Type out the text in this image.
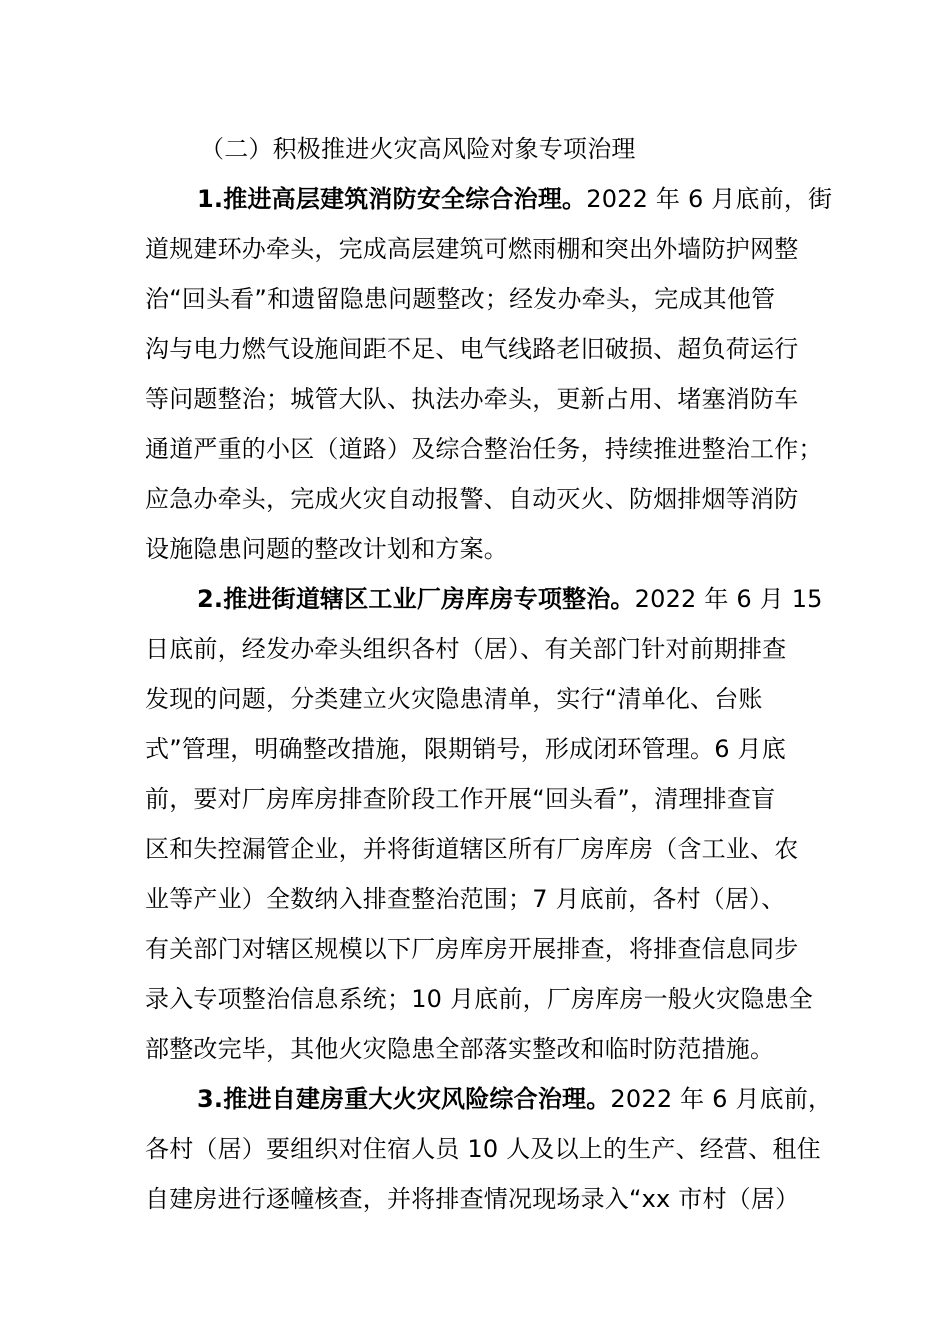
（二）积极推进火灾高风险对象专项治理
1.推进高层建筑消防安全综合治理。2022 年 6 月底前，街
道规建环办牵头，完成高层建筑可燃雨棚和突出外墙防护网整
治“回头看”和遗留隐患问题整改；经发办牵头，完成其他管
沟与电力燃气设施间距不足、电气线路老旧破损、超负荷运行
等问题整治；城管大队、执法办牵头，更新占用、堵塞消防车
通道严重的小区（道路）及综合整治任务，持续推进整治工作；
应急办牵头，完成火灾自动报警、自动灭火、防烟排烟等消防
设施隐患问题的整改计划和方案。
2.推进街道辖区工业厂房库房专项整治。2022 年 6 月 15
日底前，经发办牵头组织各村（居）、有关部门针对前期排查
发现的问题，分类建立火灾隐患清单，实行“清单化、台账
式”管理，明确整改措施，限期销号，形成闭环管理。6 月底
前，要对厂房库房排查阶段工作开展“回头看”，清理排查盲
区和失控漏管企业，并将街道辖区所有厂房库房（含工业、农
业等产业）全数纳入排查整治范围；7 月底前，各村（居）、
有关部门对辖区规模以下厂房库房开展排查，将排查信息同步
录入专项整治信息系统；10 月底前，厂房库房一般火灾隐患全
部整改完毕，其他火灾隐患全部落实整改和临时防范措施。
3.推进自建房重大火灾风险综合治理。2022 年 6 月底前，
各村（居）要组织对住宿人员 10 人及以上的生产、经营、租住
自建房进行逐幢核查，并将排查情况现场录入“xx 市村（居）
